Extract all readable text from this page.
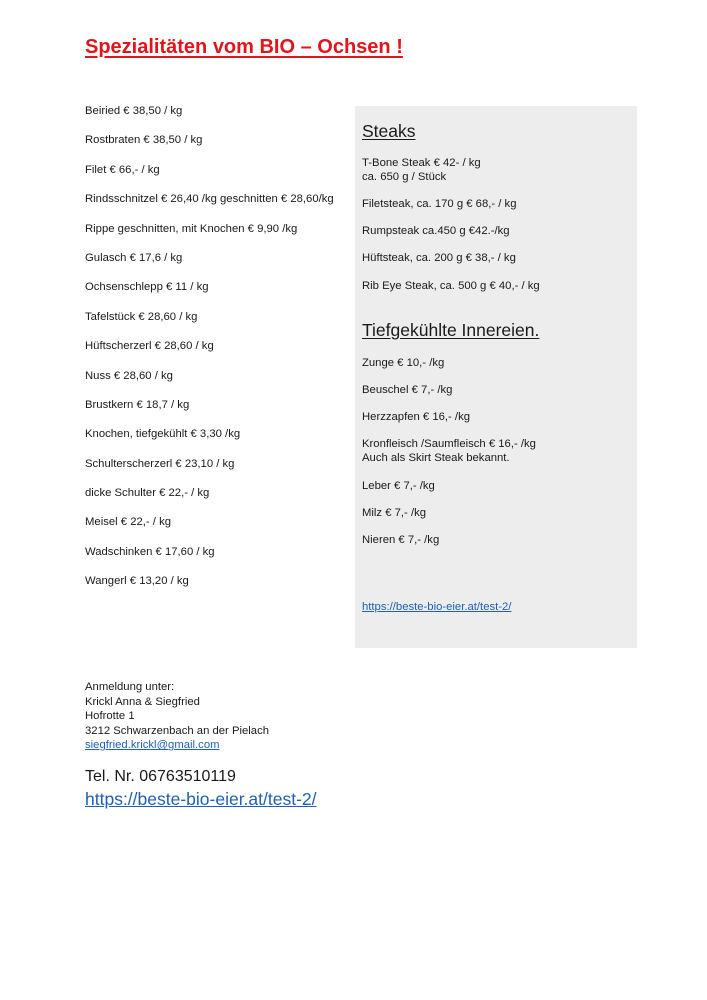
Spezialitäten vom BIO – Ochsen !
Beiried € 38,50 / kg
Rostbraten € 38,50 / kg
Filet € 66,- / kg
Rindsschnitzel € 26,40 /kg geschnitten € 28,60/kg
Rippe geschnitten, mit Knochen € 9,90 /kg
Gulasch € 17,6 / kg
Ochsenschlepp € 11 / kg
Tafelstück € 28,60 / kg
Hüftscherzerl € 28,60 / kg
Nuss € 28,60 / kg
Brustkern € 18,7 / kg
Knochen, tiefgekühlt € 3,30 /kg
Schulterscherzerl € 23,10 / kg
dicke Schulter € 22,- / kg
Meisel € 22,- / kg
Wadschinken € 17,60 / kg
Wangerl € 13,20 / kg
Steaks
T-Bone Steak € 42- / kg
ca. 650 g / Stück
Filetsteak, ca. 170 g € 68,- / kg
Rumpsteak ca.450 g €42.-/kg
Hüftsteak, ca. 200 g € 38,- / kg
Rib Eye Steak, ca. 500 g € 40,- / kg
Tiefgekühlte Innereien.
Zunge € 10,- /kg
Beuschel € 7,- /kg
Herzzapfen € 16,- /kg
Kronfleisch /Saumfleisch € 16,- /kg
Auch als Skirt Steak bekannt.
Leber € 7,- /kg
Milz € 7,- /kg
Nieren € 7,- /kg
https://beste-bio-eier.at/test-2/
Anmeldung unter:
Krickl Anna & Siegfried
Hofrotte 1
3212 Schwarzenbach an der Pielach
siegfried.krickl@gmail.com
Tel. Nr. 06763510119
https://beste-bio-eier.at/test-2/
